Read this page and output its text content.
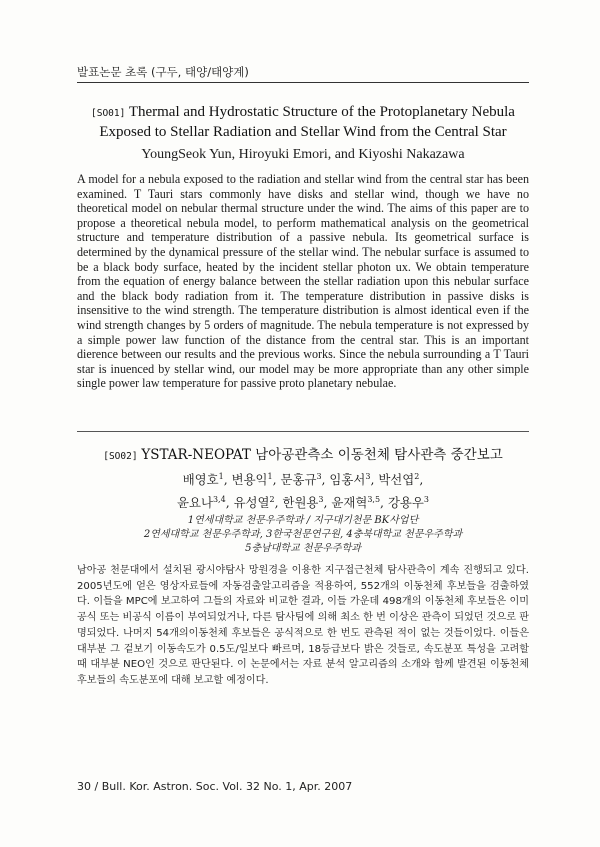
발표논문 초록 (구두, 태양/태양계)
[SO01] Thermal and Hydrostatic Structure of the Protoplanetary Nebula
Exposed to Stellar Radiation and Stellar Wind from the Central Star
YoungSeok Yun, Hiroyuki Emori, and Kiyoshi Nakazawa

A model for a nebula exposed to the radiation and stellar wind from the central star has been examined. T Tauri stars commonly have disks and stellar wind, though we have no theoretical model on nebular thermal structure under the wind. The aims of this paper are to propose a theoretical nebula model, to perform mathematical analysis on the geometrical structure and temperature distribution of a passive nebula. Its geometrical surface is determined by the dynamical pressure of the stellar wind. The nebular surface is assumed to be a black body surface, heated by the incident stellar photon ux. We obtain temperature from the equation of energy balance between the stellar radiation upon this nebular surface and the black body radiation from it. The temperature distribution in passive disks is insensitive to the wind strength. The temperature distribution is almost identical even if the wind strength changes by 5 orders of magnitude. The nebula temperature is not expressed by a simple power law function of the distance from the central star. This is an important dierence between our results and the previous works. Since the nebula surrounding a T Tauri star is inuenced by stellar wind, our model may be more appropriate than any other simple single power law temperature for passive proto planetary nebulae.

[SO02] YSTAR-NEOPAT 남아공관측소 이동천체 탐사관측 중간보고
배영호$^1$, 변용익$^1$, 문홍규$^3$, 임홍서$^3$, 박선엽$^2$,
윤요나$^{3,4}$, 유성열$^2$, 한원용$^3$, 윤재혁$^{3,5}$, 강용우$^3$
1연세대학교 천문우주학과 / 지구대기천문 BK사업단
2연세대학교 천문우주학과, 3한국천문연구원, 4충북대학교 천문우주학과
5충남대학교 천문우주학과

남아공 천문대에서 설치된 광시야탐사 망원경을 이용한 지구접근천체 탐사관측이 계속 진행되고 있다. 2005년도에 얻은 영상자료들에 자동검출알고리즘을 적용하여, 552개의 이동천체 후보들을 검출하였다. 이들을 MPC에 보고하여 그들의 자료와 비교한 결과, 이들 가운데 498개의 이동천체 후보들은 이미 공식 또는 비공식 이름이 부여되었거나, 다른 탐사팀에 의해 최소 한 번 이상은 관측이 되었던 것으로 판명되었다. 나머지 54개의이동천체 후보들은 공식적으로 한 번도 관측된 적이 없는 것들이었다. 이들은 대부분 그 겉보기 이동속도가 0.5도/일보다 빠르며, 18등급보다 밝은 것들로, 속도분포 특성을 고려할 때 대부분 NEO인 것으로 판단된다. 이 논문에서는 자료 분석 알고리즘의 소개와 함께 발견된 이동천체 후보들의 속도분포에 대해 보고할 예정이다.

30 / Bull. Kor. Astron. Soc. Vol. 32 No. 1, Apr. 2007
